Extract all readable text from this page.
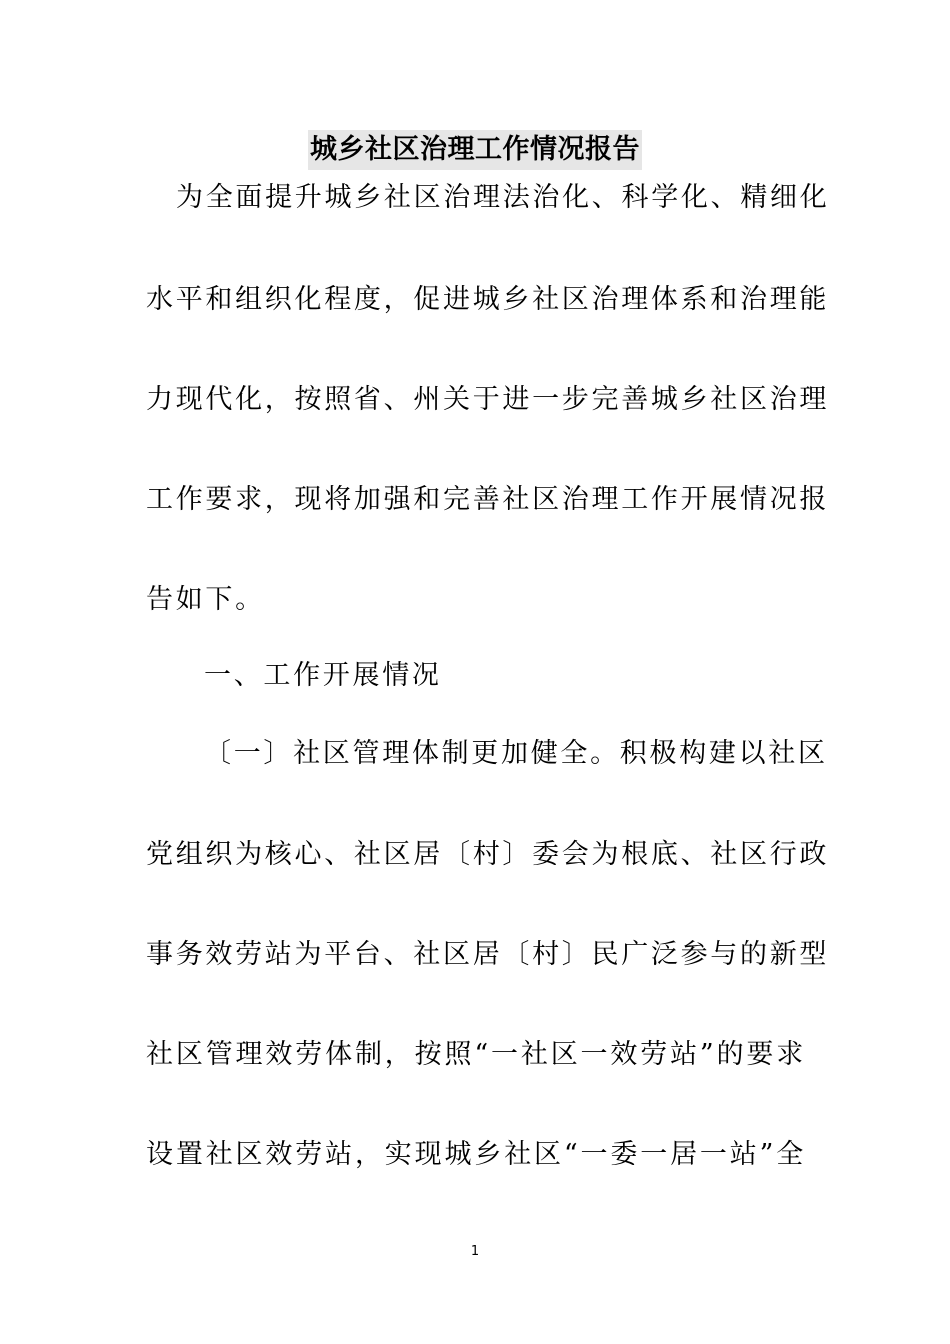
城乡社区治理工作情况报告
为全面提升城乡社区治理法治化、科学化、精细化
水平和组织化程度，促进城乡社区治理体系和治理能
力现代化，按照省、州关于进一步完善城乡社区治理
工作要求，现将加强和完善社区治理工作开展情况报
告如下。
一、工作开展情况
〔一〕社区管理体制更加健全。积极构建以社区
党组织为核心、社区居〔村〕委会为根底、社区行政
事务效劳站为平台、社区居〔村〕民广泛参与的新型
社区管理效劳体制，按照“一社区一效劳站”的要求
设置社区效劳站，实现城乡社区“一委一居一站”全
1
